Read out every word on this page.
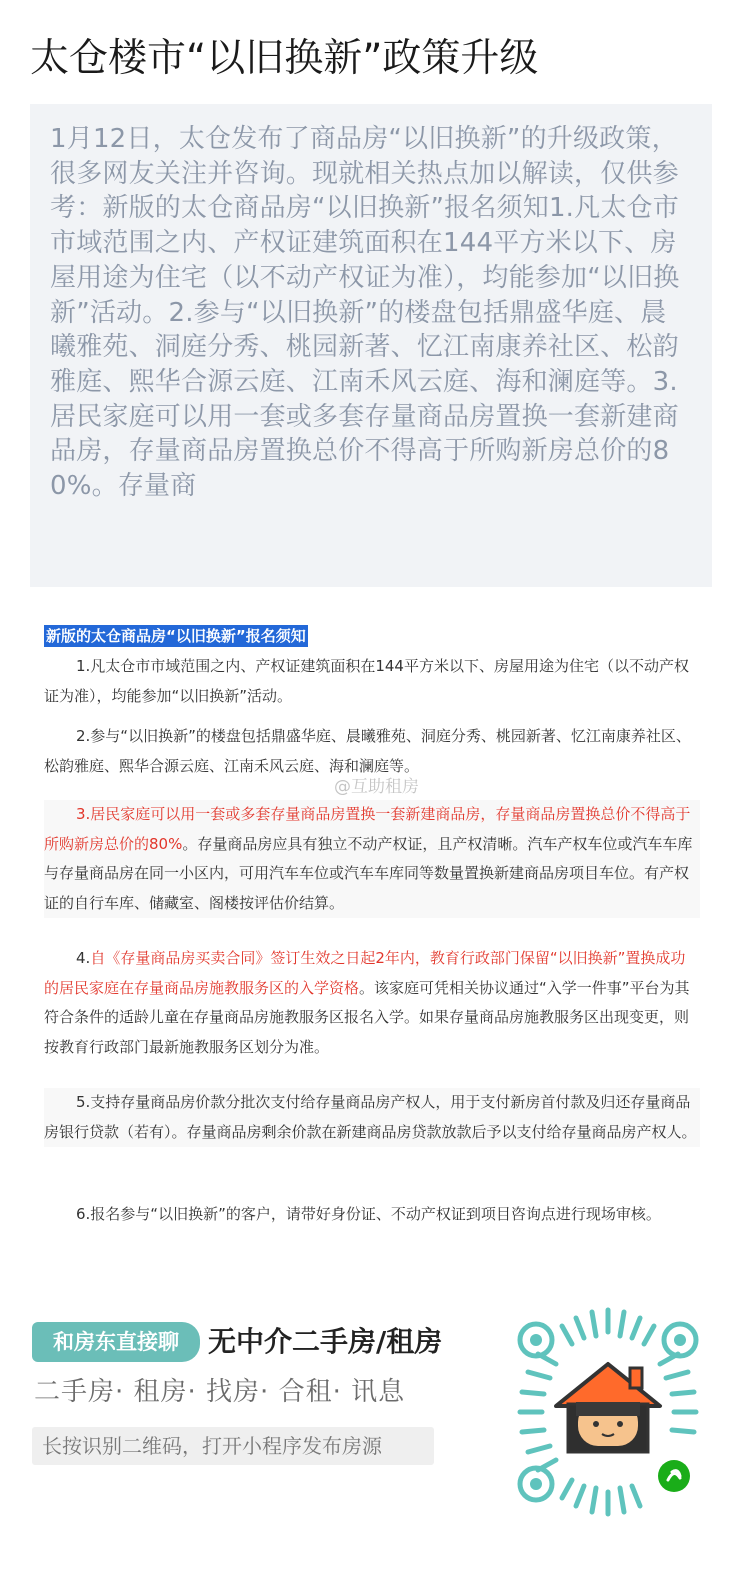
太仓楼市“以旧换新”政策升级

1月12日，太仓发布了商品房“以旧换新”的升级政策，很多网友关注并咨询。现就相关热点加以解读，仅供参考：新版的太仓商品房“以旧换新”报名须知1.凡太仓市市域范围之内、产权证建筑面积在144平方米以下、房屋用途为住宅（以不动产权证为准），均能参加“以旧换新”活动。2.参与“以旧换新”的楼盘包括鼎盛华庭、晨曦雅苑、洞庭分秀、桃园新著、忆江南康养社区、松韵雅庭、熙华合源云庭、江南禾风云庭、海和澜庭等。3.居民家庭可以用一套或多套存量商品房置换一套新建商品房，存量商品房置换总价不得高于所购新房总价的80%。存量商

新版的太仓商品房“以旧换新”报名须知
1.凡太仓市市域范围之内、产权证建筑面积在144平方米以下、房屋用途为住宅（以不动产权证为准），均能参加“以旧换新”活动。
2.参与“以旧换新”的楼盘包括鼎盛华庭、晨曦雅苑、洞庭分秀、桃园新著、忆江南康养社区、松韵雅庭、熙华合源云庭、江南禾风云庭、海和澜庭等。
@互助租房
3.居民家庭可以用一套或多套存量商品房置换一套新建商品房，存量商品房置换总价不得高于所购新房总价的80%。存量商品房应具有独立不动产权证，且产权清晰。汽车产权车位或汽车车库与存量商品房在同一小区内，可用汽车车位或汽车车库同等数量置换新建商品房项目车位。有产权证的自行车库、储藏室、阁楼按评估价结算。
4.自《存量商品房买卖合同》签订生效之日起2年内，教育行政部门保留“以旧换新”置换成功的居民家庭在存量商品房施教服务区的入学资格。该家庭可凭相关协议通过“入学一件事”平台为其符合条件的适龄儿童在存量商品房施教服务区报名入学。如果存量商品房施教服务区出现变更，则按教育行政部门最新施教服务区划分为准。
5.支持存量商品房价款分批次支付给存量商品房产权人，用于支付新房首付款及归还存量商品房银行贷款（若有）。存量商品房剩余价款在新建商品房贷款放款后予以支付给存量商品房产权人。
6.报名参与“以旧换新”的客户，请带好身份证、不动产权证到项目咨询点进行现场审核。
和房东直接聊	无中介二手房/租房
二手房· 租房· 找房· 合租· 讯息
长按识别二维码，打开小程序发布房源
